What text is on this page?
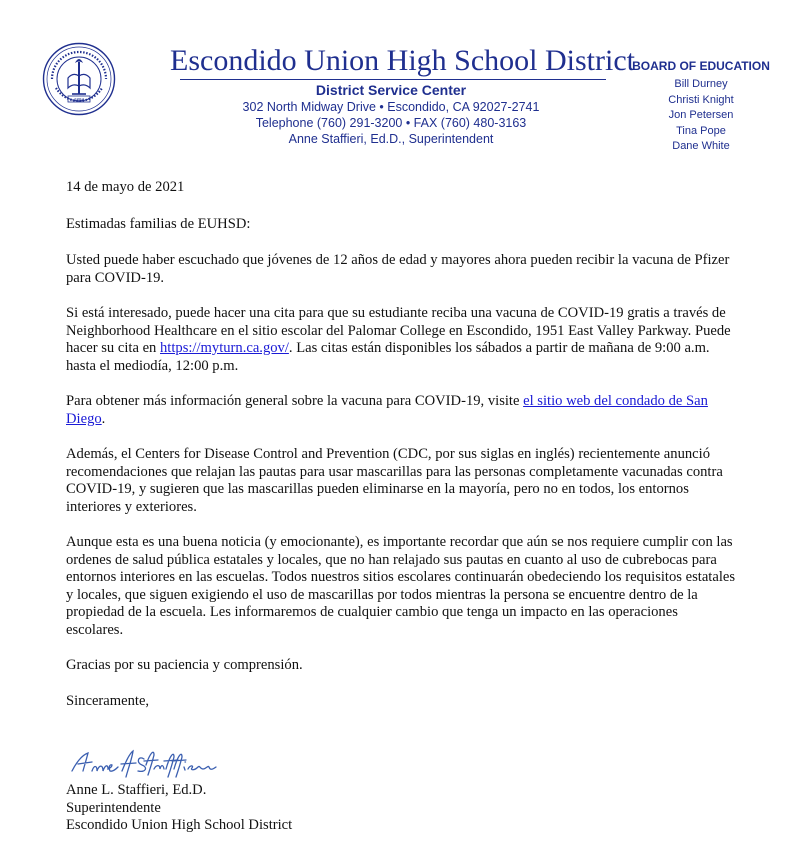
1894
Escondido Union High School District
District Service Center
302 North Midway Drive • Escondido, CA 92027-2741
Telephone (760) 291-3200 • FAX (760) 480-3163
Anne Staffieri, Ed.D., Superintendent
BOARD OF EDUCATION
Bill Durney
Christi Knight
Jon Petersen
Tina Pope
Dane White

14 de mayo de 2021

Estimadas familias de EUHSD:

Usted puede haber escuchado que jóvenes de 12 años de edad y mayores ahora pueden recibir la vacuna de Pfizer para COVID-19.

Si está interesado, puede hacer una cita para que su estudiante reciba una vacuna de COVID-19 gratis a través de Neighborhood Healthcare en el sitio escolar del Palomar College en Escondido, 1951 East Valley Parkway. Puede hacer su cita en https://myturn.ca.gov/. Las citas están disponibles los sábados a partir de mañana de 9:00 a.m. hasta el mediodía, 12:00 p.m.

Para obtener más información general sobre la vacuna para COVID-19, visite el sitio web del condado de San Diego.

Además, el Centers for Disease Control and Prevention (CDC, por sus siglas en inglés) recientemente anunció recomendaciones que relajan las pautas para usar mascarillas para las personas completamente vacunadas contra COVID-19, y sugieren que las mascarillas pueden eliminarse en la mayoría, pero no en todos, los entornos interiores y exteriores.

Aunque esta es una buena noticia (y emocionante), es importante recordar que aún se nos requiere cumplir con las ordenes de salud pública estatales y locales, que no han relajado sus pautas en cuanto al uso de cubrebocas para entornos interiores en las escuelas. Todos nuestros sitios escolares continuarán obedeciendo los requisitos estatales y locales, que siguen exigiendo el uso de mascarillas por todos mientras la persona se encuentre dentro de la propiedad de la escuela. Les informaremos de cualquier cambio que tenga un impacto en las operaciones escolares.

Gracias por su paciencia y comprensión.

Sinceramente,

Anne L. Staffieri, Ed.D.
Superintendente
Escondido Union High School District
